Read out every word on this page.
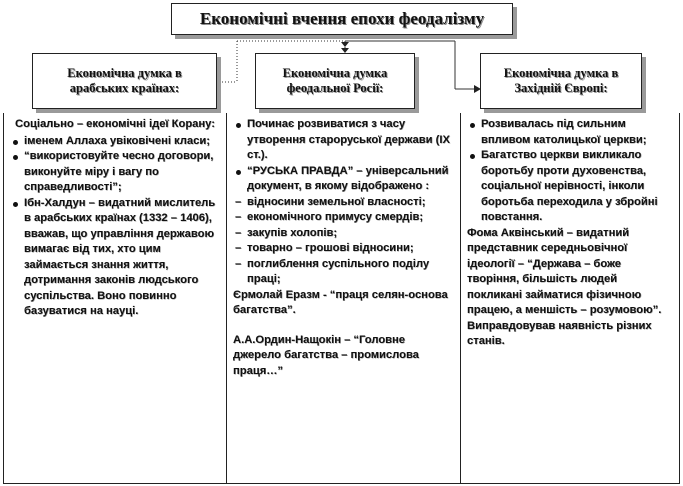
Економічні вчення епохи феодалізму
Економічна думка в арабських країнах:
Економічна думка феодальної Росії:
Економічна думка в Західній Європі:
Соціально – економічні ідеї Корану:
іменем Аллаха увіковічені класи;
“використовуйте чесно договори, виконуйте міру і вагу по справедливості”;
Ібн-Халдун – видатний мислитель в арабських країнах (1332 – 1406), вважав, що управління державою вимагає від тих, хто цим займається знання життя, дотримання законів людського суспільства. Воно повинно базуватися на науці.
Починає розвиватися з часу утворення староруської держави (IX ст.).
“РУСЬКА ПРАВДА” – універсальний документ, в якому відображено :
– відносини земельної власності;
– економічного примусу смердів;
– закупів холопів;
– товарно – грошові відносини;
– поглиблення суспільного поділу праці;

Єрмолай Еразм - “праця селян-основа багатства”.

А.А.Ордин-Нащокін – “Головне джерело багатства – промислова праця…”

Розвивалась під сильним впливом католицької церкви;
Багатство церкви викликало боротьбу проти духовенства, соціальної нерівності, інколи боротьба переходила у збройні повстання.

Фома Аквінський – видатний представник середньовічної ідеології – “Держава – боже творіння, більшість людей покликані займатися фізичною працею, а меншість – розумовою”. Виправдовував наявність різних станів.
